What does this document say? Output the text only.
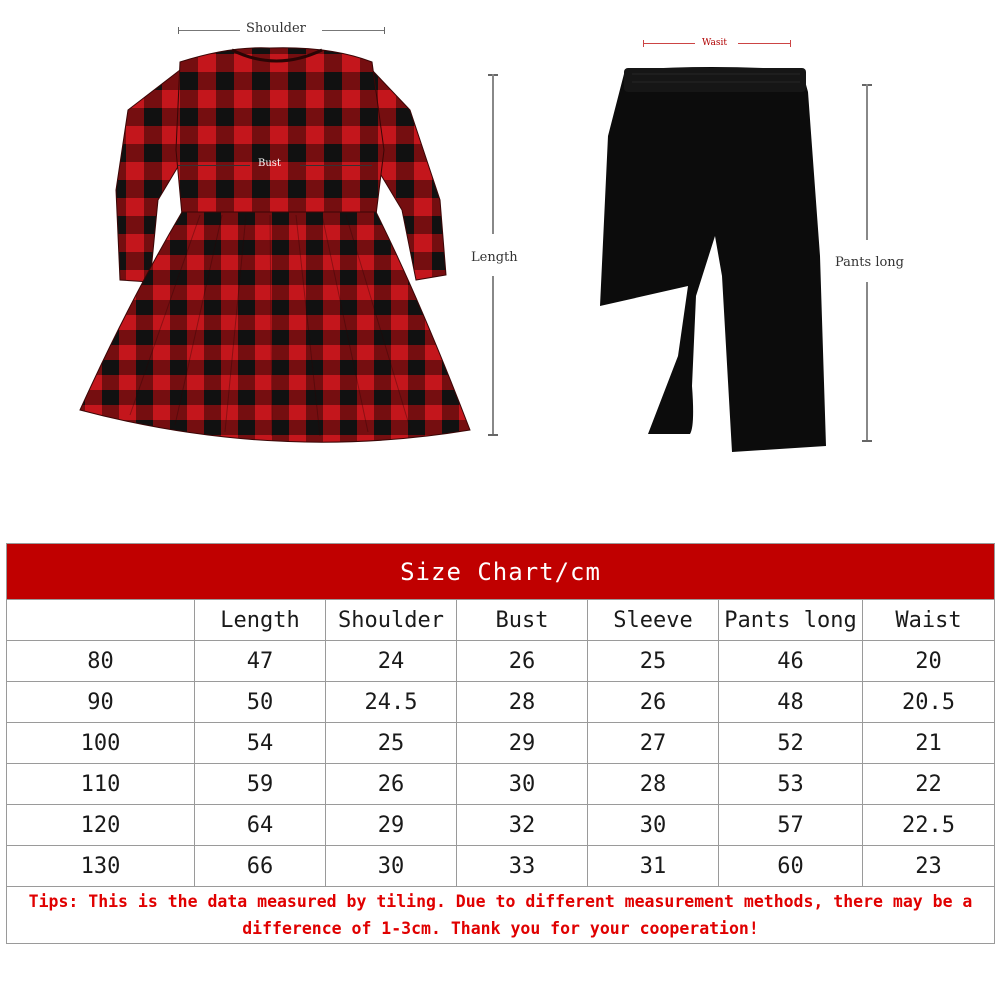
Shoulder
Bust
Length
Wasit
Pants long
Size Chart/cm						
	Length	Shoulder	Bust	Sleeve	Pants long	Waist
80	47	24	26	25	46	20
90	50	24.5	28	26	48	20.5
100	54	25	29	27	52	21
110	59	26	30	28	53	22
120	64	29	32	30	57	22.5
130	66	30	33	31	60	23
Tips: This is the data measured by tiling. Due to different measurement methods, there may be a difference of 1-3cm. Thank you for your cooperation!						
